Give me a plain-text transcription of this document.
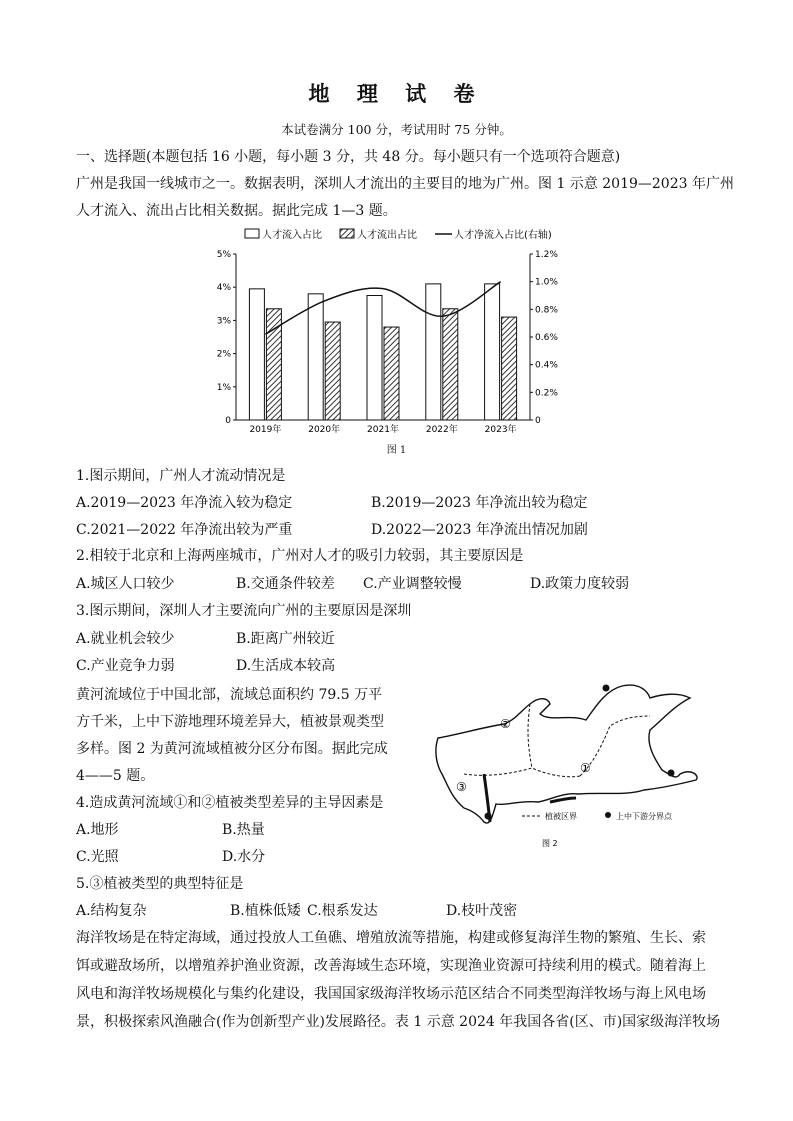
地 理 试 卷
本试卷满分 100 分，考试用时 75 分钟。
一、选择题(本题包括 16 小题，每小题 3 分，共 48 分。每小题只有一个选项符合题意)
广州是我国一线城市之一。数据表明，深圳人才流出的主要目的地为广州。图 1 示意 2019—2023 年广州
人才流入、流出占比相关数据。据此完成 1—3 题。
人才流入占比	人才流出占比	人才净流入占比(右轴)
0
1%
2%
3%
4%
5%
0
0.2%
0.4%
0.6%
0.8%
1.0%
1.2%
2019年	2020年	2021年	2022年	2023年
图 1
1.图示期间，广州人才流动情况是
A.2019—2023 年净流入较为稳定	B.2019—2023 年净流出较为稳定
C.2021—2022 年净流出较为严重	D.2022—2023 年净流出情况加剧
2.相较于北京和上海两座城市，广州对人才的吸引力较弱，其主要原因是
A.城区人口较少	B.交通条件较差 C.产业调整较慢	D.政策力度较弱
3.图示期间，深圳人才主要流向广州的主要原因是深圳
A.就业机会较少	B.距离广州较近
C.产业竞争力弱	D.生活成本较高
黄河流域位于中国北部，流域总面积约 79.5 万平
方千米，上中下游地理环境差异大，植被景观类型
多样。图 2 为黄河流域植被分区分布图。据此完成
4——5 题。	①
②
③
植被区界	上中下游分界点
图 2
4.造成黄河流域①和②植被类型差异的主导因素是
A.地形	B.热量
C.光照	D.水分
5.③植被类型的典型特征是
A.结构复杂	B.植株低矮 C.根系发达	D.枝叶茂密
海洋牧场是在特定海域，通过投放人工鱼礁、增殖放流等措施，构建或修复海洋生物的繁殖、生长、索
饵或避敌场所，以增殖养护渔业资源，改善海域生态环境，实现渔业资源可持续利用的模式。随着海上
风电和海洋牧场规模化与集约化建设，我国国家级海洋牧场示范区结合不同类型海洋牧场与海上风电场
景，积极探索风渔融合(作为创新型产业)发展路径。表 1 示意 2024 年我国各省(区、市)国家级海洋牧场
